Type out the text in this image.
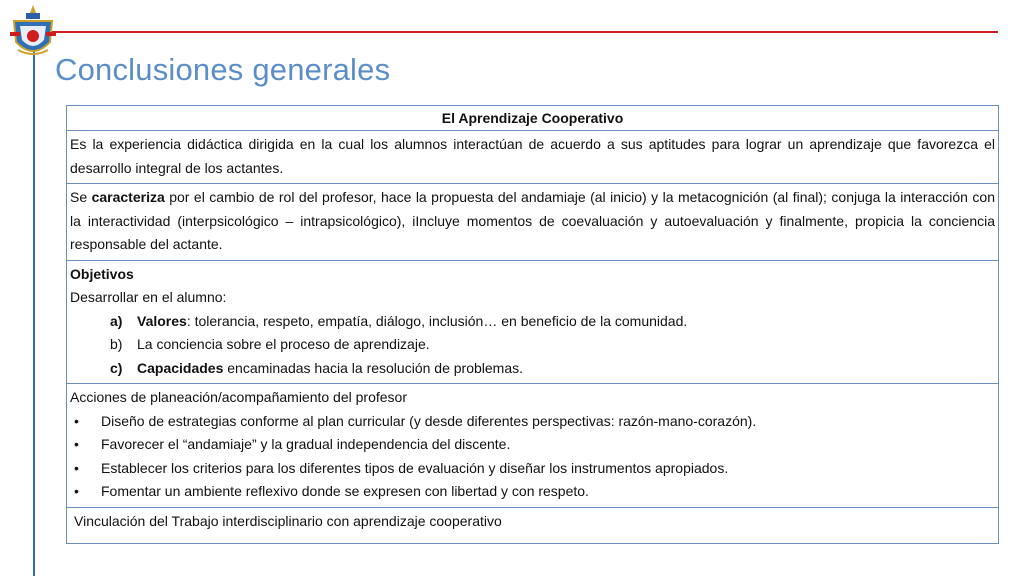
Conclusiones generales
El Aprendizaje Cooperativo
Es la experiencia didáctica dirigida en la cual los alumnos interactúan de acuerdo a sus aptitudes para lograr un aprendizaje que favorezca el desarrollo integral de los actantes.
Se caracteriza por el cambio de rol del profesor, hace la propuesta del andamiaje (al inicio) y la metacognición (al final); conjuga la interacción con la interactividad (interpsicológico – intrapsicológico), iIncluye momentos de coevaluación y autoevaluación y finalmente, propicia la conciencia responsable del actante.

Objetivos
Desarrollar en el alumno:
a) Valores: tolerancia, respeto, empatía, diálogo, inclusión… en beneficio de la comunidad.
b) La conciencia sobre el proceso de aprendizaje.
c) Capacidades encaminadas hacia la resolución de problemas.

Acciones de planeación/acompañamiento del profesor
• Diseño de estrategias conforme al plan curricular (y desde diferentes perspectivas: razón-mano-corazón).
• Favorecer el “andamiaje” y la gradual independencia del discente.
• Establecer los criterios para los diferentes tipos de evaluación y diseñar los instrumentos apropiados.
• Fomentar un ambiente reflexivo donde se expresen con libertad y con respeto.

Vinculación del Trabajo interdisciplinario con aprendizaje cooperativo
